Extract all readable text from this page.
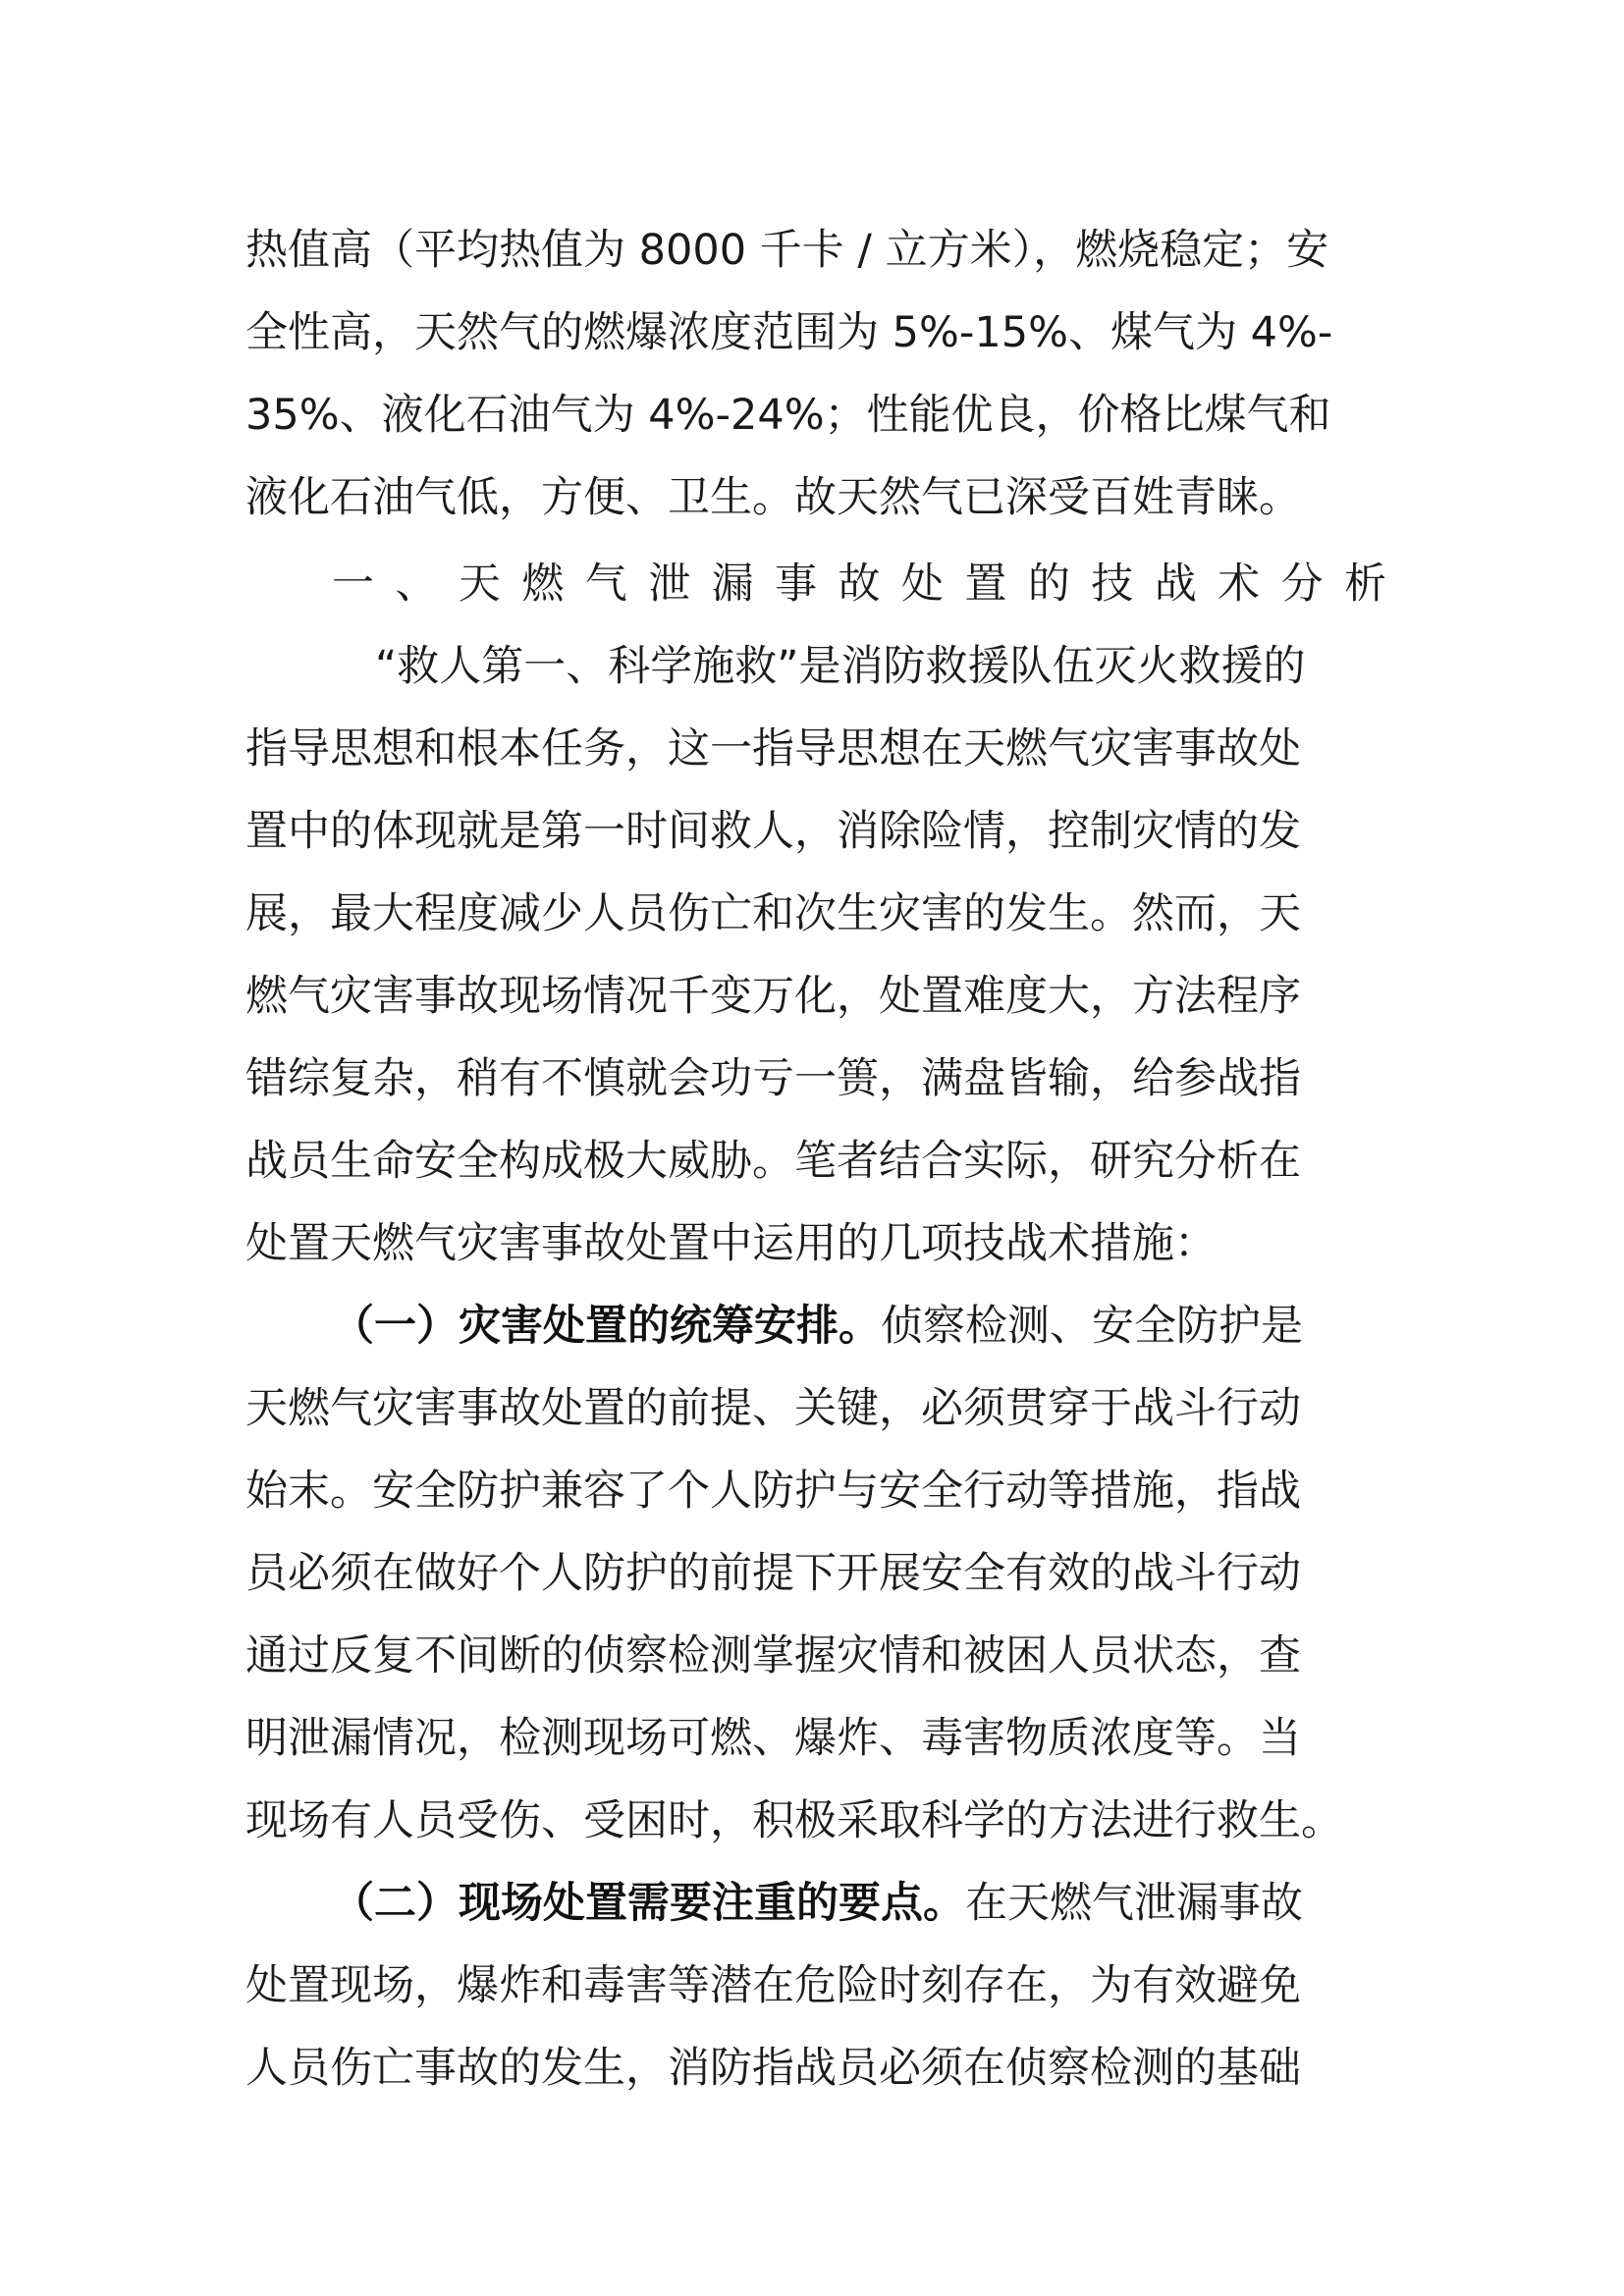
热值高（平均热值为 8000 千卡 / 立方米），燃烧稳定；安
全性高，天然气的燃爆浓度范围为 5%-15%、煤气为 4%-
35%、液化石油气为 4%-24%；性能优良，价格比煤气和
液化石油气低，方便、卫生。故天然气已深受百姓青睐。
一 、 天 燃 气 泄 漏 事 故 处 置 的 技 战 术 分 析
“救人第一、科学施救”是消防救援队伍灭火救援的
指导思想和根本任务，这一指导思想在天燃气灾害事故处
置中的体现就是第一时间救人，消除险情，控制灾情的发
展，最大程度减少人员伤亡和次生灾害的发生。然而，天
燃气灾害事故现场情况千变万化，处置难度大，方法程序
错综复杂，稍有不慎就会功亏一篑，满盘皆输，给参战指
战员生命安全构成极大威胁。笔者结合实际，研究分析在
处置天燃气灾害事故处置中运用的几项技战术措施：
（一）灾害处置的统筹安排。侦察检测、安全防护是
天燃气灾害事故处置的前提、关键，必须贯穿于战斗行动
始末。安全防护兼容了个人防护与安全行动等措施，指战
员必须在做好个人防护的前提下开展安全有效的战斗行动
通过反复不间断的侦察检测掌握灾情和被困人员状态，查
明泄漏情况，检测现场可燃、爆炸、毒害物质浓度等。当
现场有人员受伤、受困时，积极采取科学的方法进行救生。
（二）现场处置需要注重的要点。在天燃气泄漏事故
处置现场，爆炸和毒害等潜在危险时刻存在，为有效避免
人员伤亡事故的发生，消防指战员必须在侦察检测的基础
